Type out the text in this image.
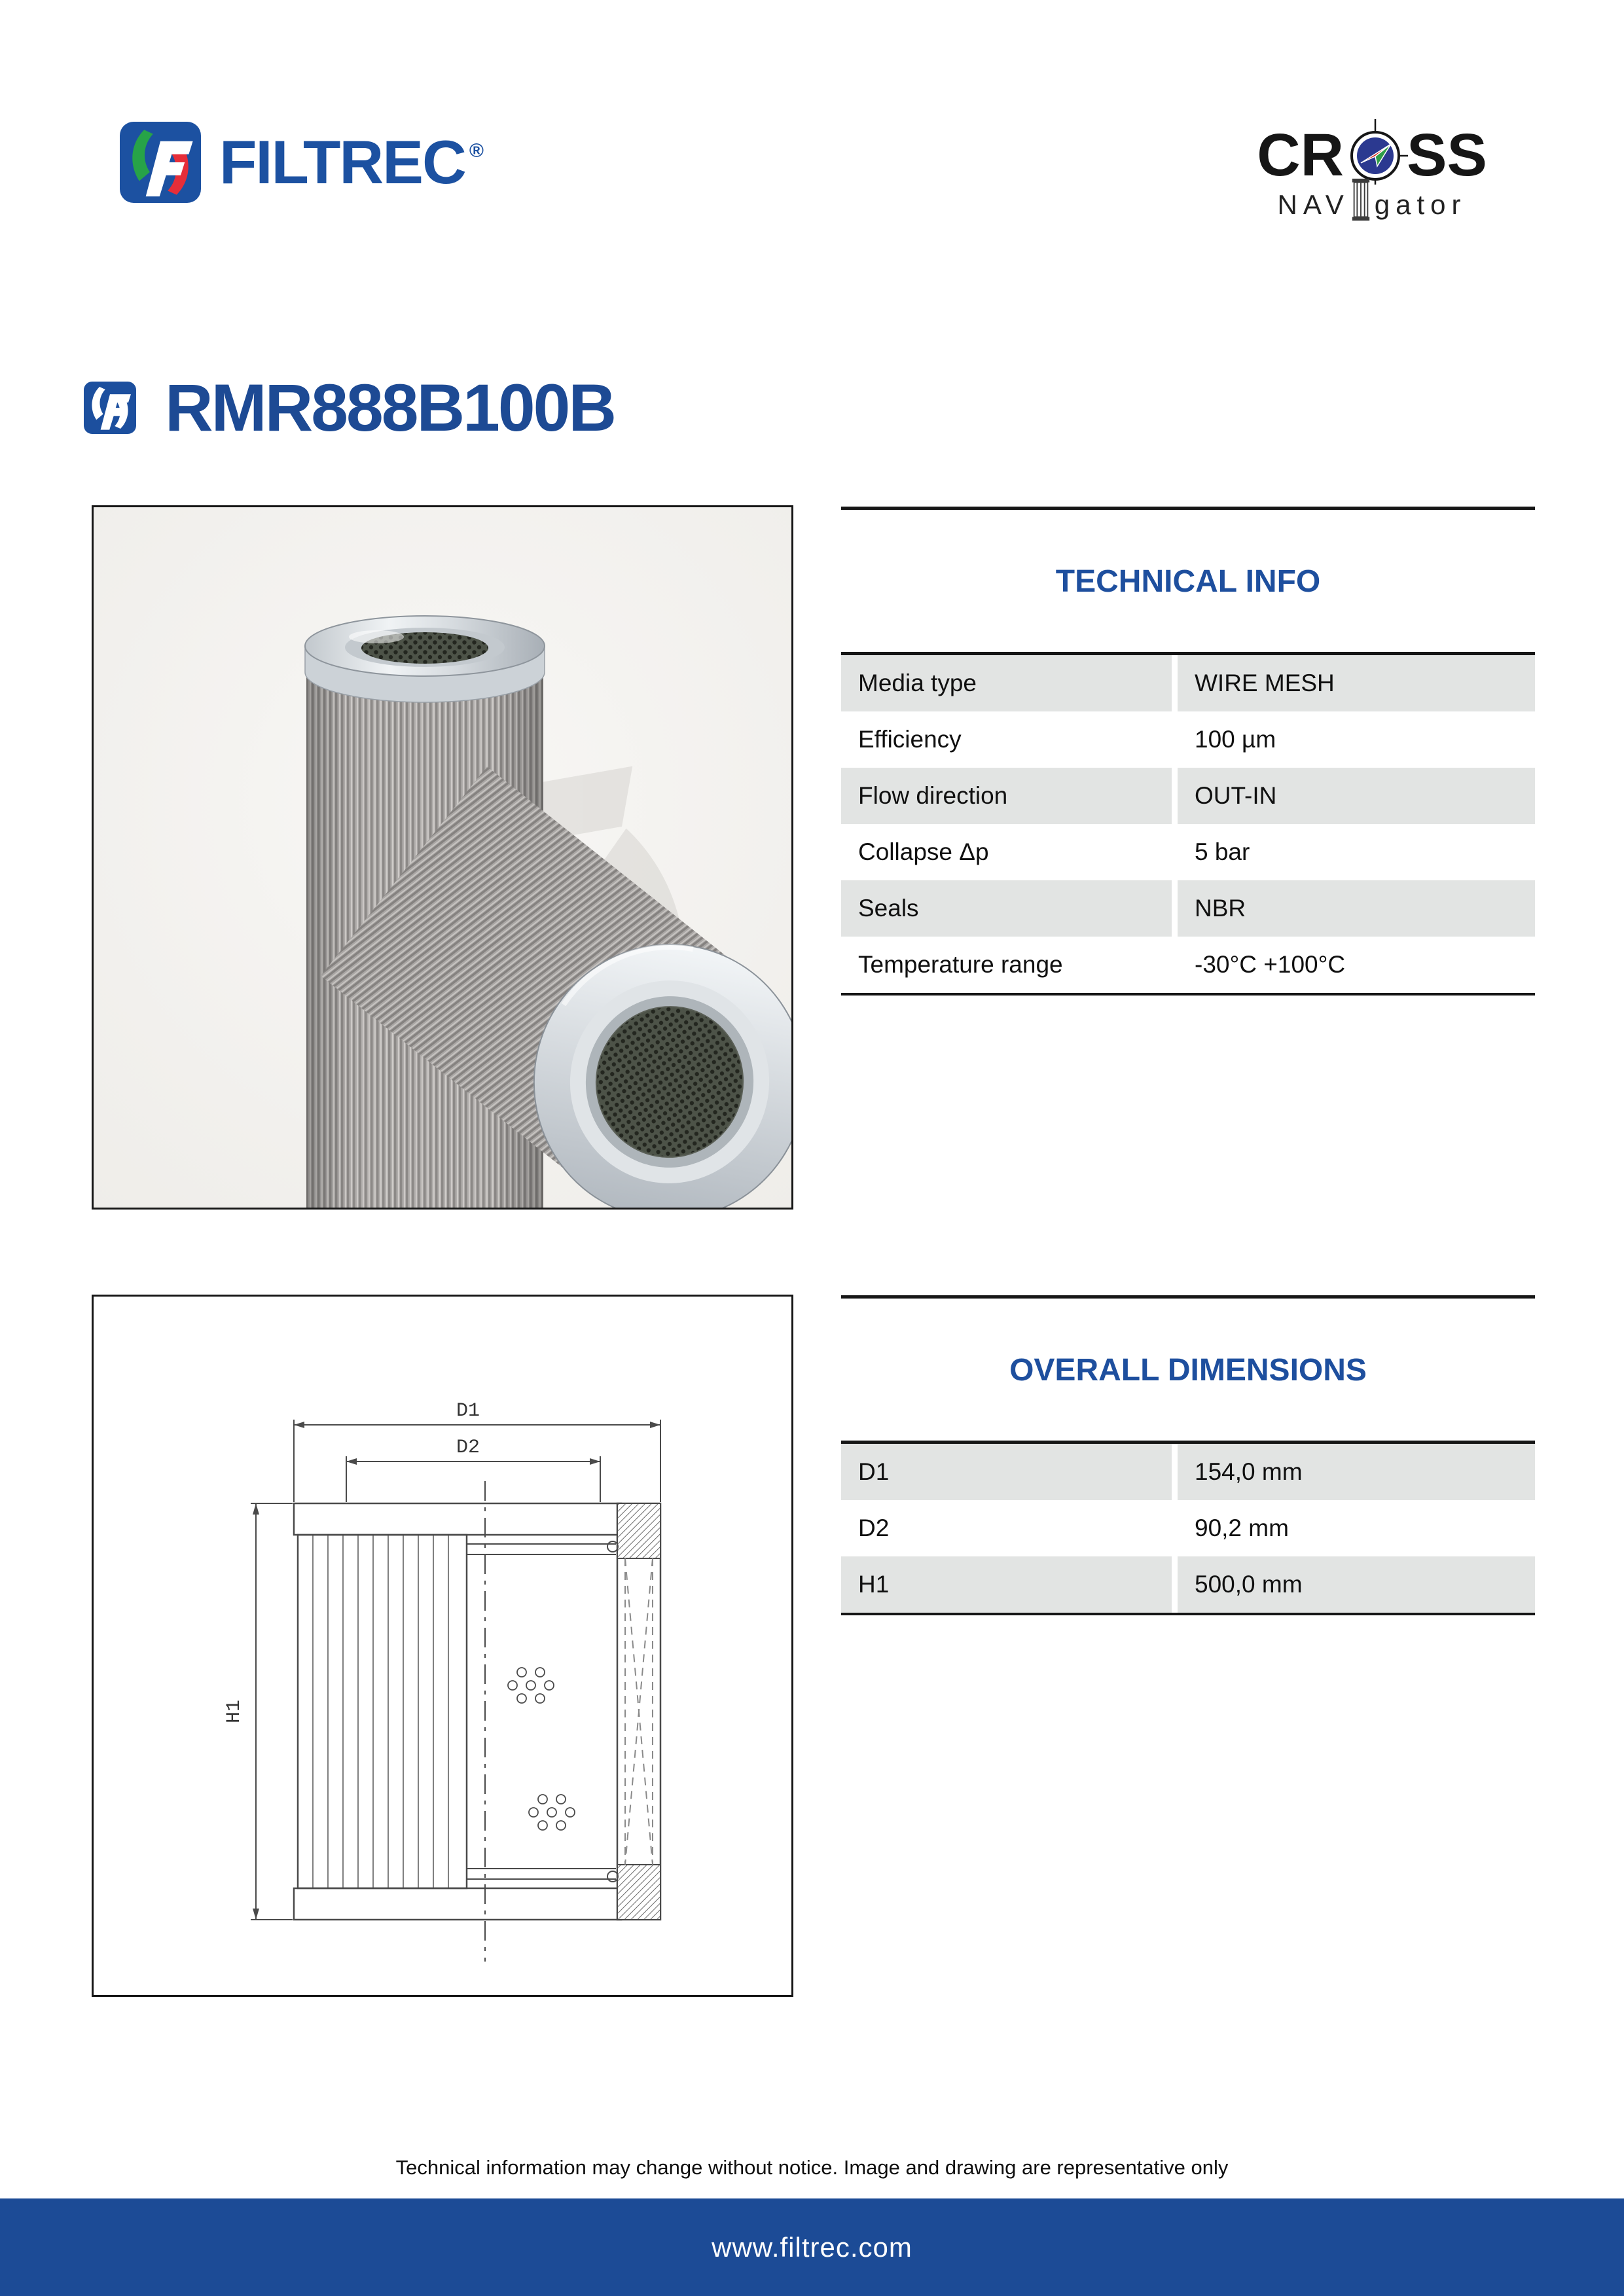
FILTREC ®	CR SS
NAV gator
RMR888B100B
TECHNICAL INFO
Media type	WIRE MESH
Efficiency	100 µm
Flow direction	OUT-IN
Collapse Δp	5 bar
Seals	NBR
Temperature range	-30°C +100°C
D1
D2
H1
OVERALL DIMENSIONS
D1	154,0 mm
D2	90,2 mm
H1	500,0 mm

Technical information may change without notice. Image and drawing are representative only

www.filtrec.com
